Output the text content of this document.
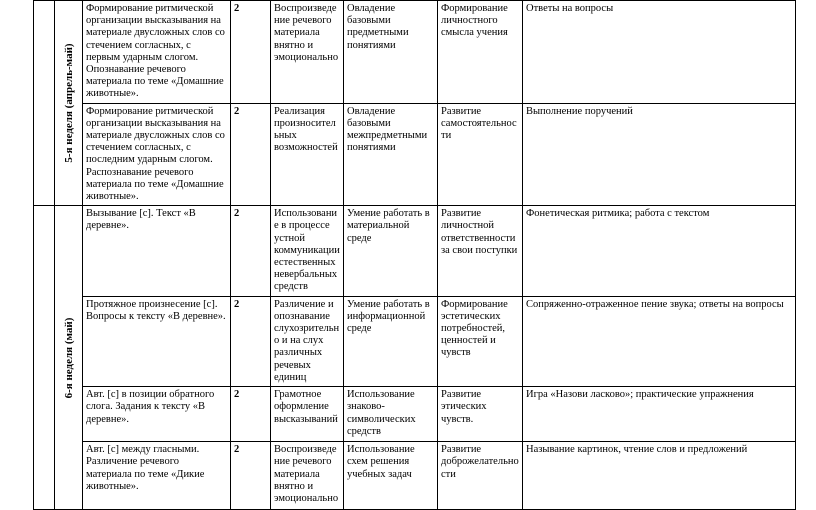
	5-я неделя (апрель-май)	Формирование ритмической организации высказывания на материале двусложных слов со стечением согласных, с первым ударным слогом. Опознавание речевого материала по теме «Домашние животные».	2	Воспроизведение речевого материала внятно и эмоционально	Овладение базовыми предметными понятиями	Формирование личностного смысла учения	Ответы на вопросы
		Формирование ритмической организации высказывания на материале двусложных слов со стечением согласных, с последним ударным слогом. Распознавание речевого материала по теме «Домашние животные».	2	Реализация произносительных возможностей	Овладение базовыми межпредметными понятиями	Развитие самостоятельности	Выполнение поручений

	6-я неделя (май)	Вызывание [с]. Текст «В деревне».	2	Использование в процессе устной коммуникации естественных невербальных средств	Умение работать в материальной среде	Развитие личностной ответственности за свои поступки	Фонетическая ритмика; работа с текстом
		Протяжное произнесение [с]. Вопросы к тексту «В деревне».	2	Различение и опознавание слухозрительно и на слух различных речевых единиц	Умение работать в информационной среде	Формирование эстетических потребностей, ценностей и чувств	Сопряженно-отраженное пение звука; ответы на вопросы
		Авт. [с] в позиции обратного слога. Задания к тексту «В деревне».	2	Грамотное оформление высказываний	Использование знаково-символических средств	Развитие этических чувств.	Игра «Назови ласково»; практические упражнения
		Авт. [с] между гласными. Различение речевого материала по теме «Дикие животные».	2	Воспроизведение речевого материала внятно и эмоционально	Использование схем решения учебных задач	Развитие доброжелательности	Называние картинок, чтение слов и предложений
